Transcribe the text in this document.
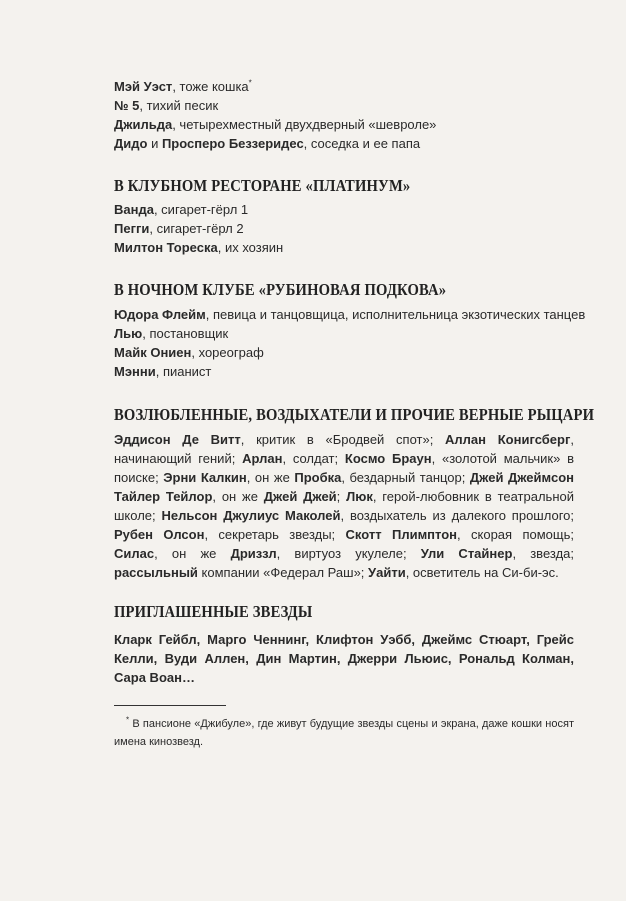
Мэй Уэст, тоже кошка*

№ 5, тихий песик

Джильда, четырехместный двухдверный «шевроле»

Дидо и Просперо Беззеридес, соседка и ее папа

В КЛУБНОМ РЕСТОРАНЕ «ПЛАТИНУМ»

Ванда, сигарет-гёрл 1

Пегги, сигарет-гёрл 2

Милтон Тореска, их хозяин

В НОЧНОМ КЛУБЕ «РУБИНОВАЯ ПОДКОВА»

Юдора Флейм, певица и танцовщица, исполнительница экзотических танцев

Лью, постановщик

Майк Ониен, хореограф

Мэнни, пианист

ВОЗЛЮБЛЕННЫЕ, ВОЗДЫХАТЕЛИ И ПРОЧИЕ ВЕРНЫЕ РЫЦАРИ

Эддисон Де Витт, критик в «Бродвей спот»; Аллан Конигсберг, начинающий гений; Арлан, солдат; Космо Браун, «золотой мальчик» в поиске; Эрни Калкин, он же Пробка, бездарный танцор; Джей Джеймсон Тайлер Тейлор, он же Джей Джей; Люк, герой-любовник в театральной школе; Нельсон Джулиус Маколей, воздыхатель из далекого прошлого; Рубен Олсон, секретарь звезды; Скотт Плимптон, скорая помощь; Силас, он же Дриззл, виртуоз укулеле; Ули Стайнер, звезда; рассыльный компании «Федерал Раш»; Уайти, осветитель на Си-би-эс.

ПРИГЛАШЕННЫЕ ЗВЕЗДЫ

Кларк Гейбл, Марго Ченнинг, Клифтон Уэбб, Джеймс Стюарт, Грейс Келли, Вуди Аллен, Дин Мартин, Джерри Льюис, Рональд Колман, Сара Воан…

* В пансионе «Джибуле», где живут будущие звезды сцены и экрана, даже кошки носят имена кинозвезд.
